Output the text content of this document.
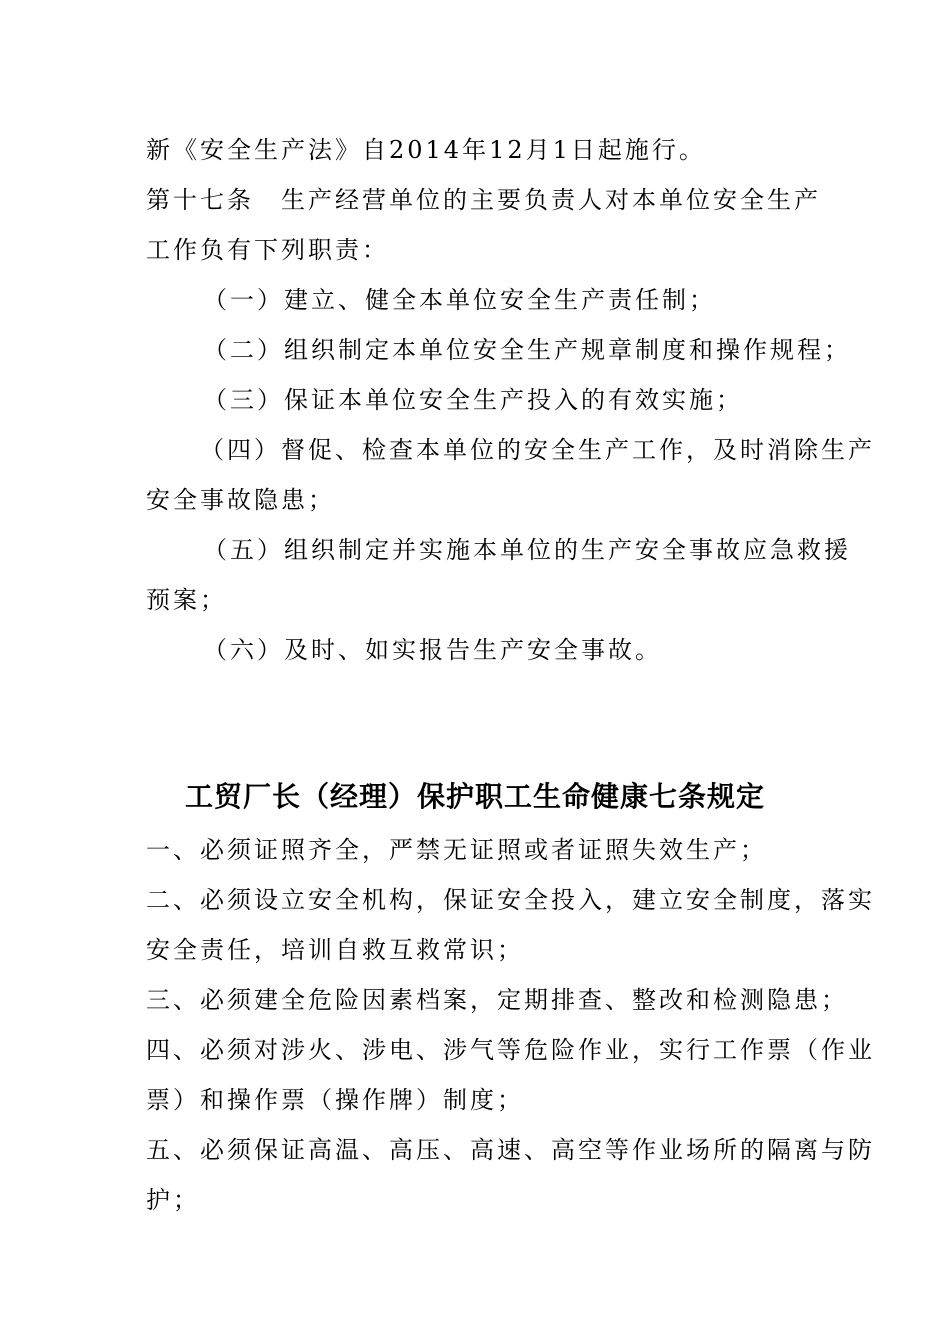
新《安全生产法》自2014年12月1日起施行。
第十七条　生产经营单位的主要负责人对本单位安全生产
工作负有下列职责：
（一）建立、健全本单位安全生产责任制；
（二）组织制定本单位安全生产规章制度和操作规程；
（三）保证本单位安全生产投入的有效实施；
（四）督促、检查本单位的安全生产工作，及时消除生产
安全事故隐患；
（五）组织制定并实施本单位的生产安全事故应急救援
预案；
（六）及时、如实报告生产安全事故。
工贸厂长（经理）保护职工生命健康七条规定
一、必须证照齐全，严禁无证照或者证照失效生产；
二、必须设立安全机构，保证安全投入，建立安全制度，落实
安全责任，培训自救互救常识；
三、必须建全危险因素档案，定期排查、整改和检测隐患；
四、必须对涉火、涉电、涉气等危险作业，实行工作票（作业
票）和操作票（操作牌）制度；
五、必须保证高温、高压、高速、高空等作业场所的隔离与防
护；
